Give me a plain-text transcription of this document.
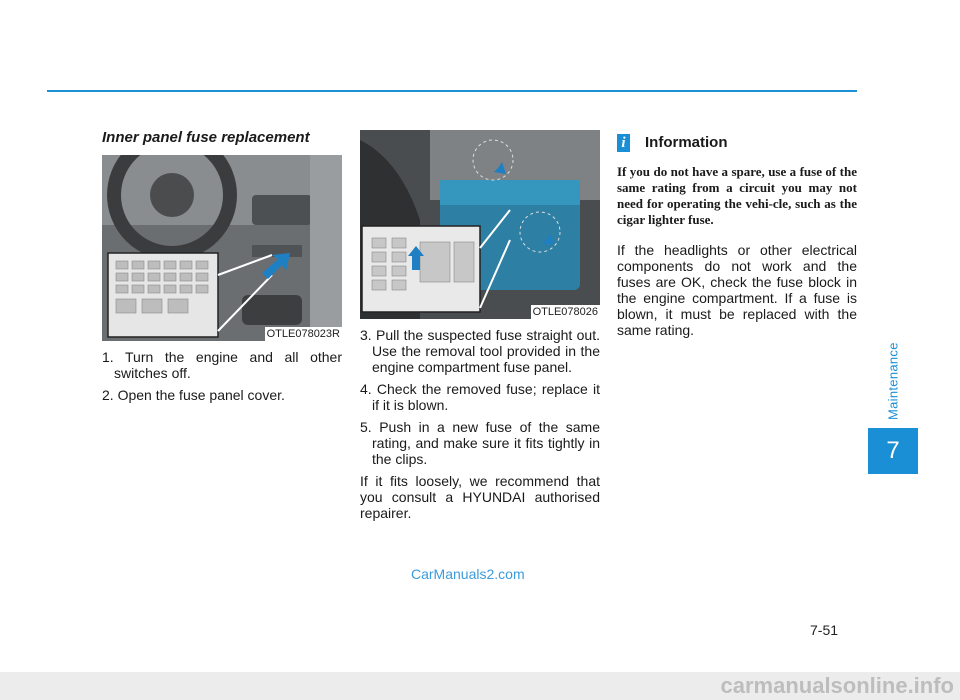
Maintenance
7
Inner panel fuse replacement
OTLE078023R
1. Turn the engine and all other switches off.
2. Open the fuse panel cover.
OTLE078026
3. Pull the suspected fuse straight out. Use the removal tool provided in the engine compartment fuse panel.
4. Check the removed fuse; replace it if it is blown.
5. Push in a new fuse of the same rating, and make sure it fits tightly in the clips.

If it fits loosely, we recommend that you consult a HYUNDAI authorised repairer.

i Information
If you do not have a spare, use a fuse of the same rating from a circuit you may not need for operating the vehi-cle, such as the cigar lighter fuse.
If the headlights or other electrical components do not work and the fuses are OK, check the fuse block in the engine compartment. If a fuse is blown, it must be replaced with the same rating.
7-51
CarManuals2.com
carmanualsonline.info
